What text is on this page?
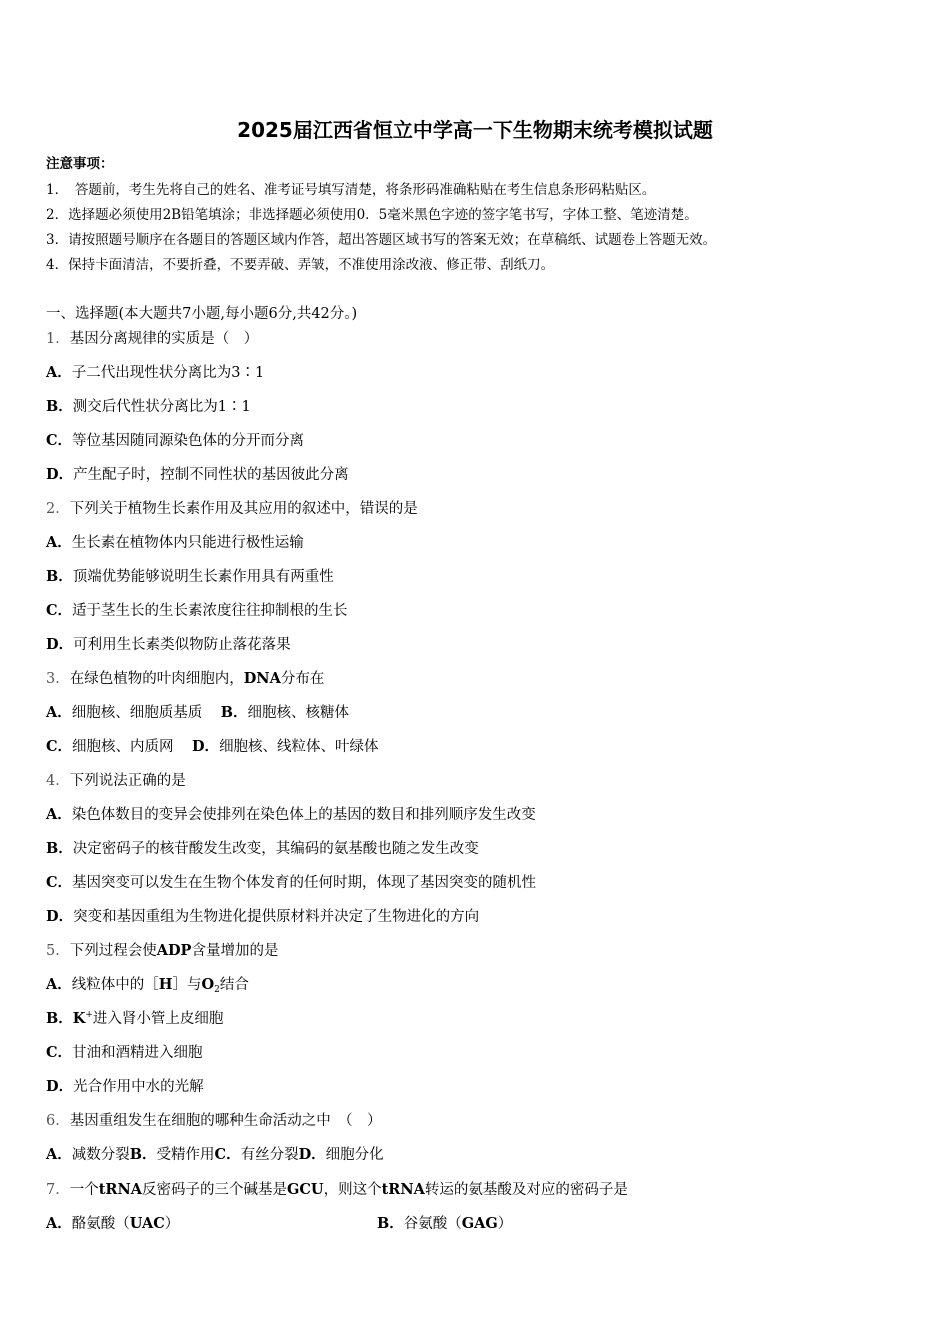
2025届江西省恒立中学高一下生物期末统考模拟试题
注意事项：
1．　答题前，考生先将自己的姓名、准考证号填写清楚，将条形码准确粘贴在考生信息条形码粘贴区。
2．选择题必须使用2B铅笔填涂；非选择题必须使用0．5毫米黑色字迹的签字笔书写，字体工整、笔迹清楚。
3．请按照题号顺序在各题目的答题区域内作答，超出答题区域书写的答案无效；在草稿纸、试题卷上答题无效。
4．保持卡面清洁，不要折叠，不要弄破、弄皱，不准使用涂改液、修正带、刮纸刀。
一、选择题(本大题共7小题,每小题6分,共42分。)
1．基因分离规律的实质是（　）
A．子二代出现性状分离比为3∶1
B．测交后代性状分离比为1∶1
C．等位基因随同源染色体的分开而分离
D．产生配子时，控制不同性状的基因彼此分离
2．下列关于植物生长素作用及其应用的叙述中，错误的是
A．生长素在植物体内只能进行极性运输
B．顶端优势能够说明生长素作用具有两重性
C．适于茎生长的生长素浓度往往抑制根的生长
D．可利用生长素类似物防止落花落果
3．在绿色植物的叶肉细胞内，DNA分布在
A．细胞核、细胞质基质 B．细胞核、核糖体
C．细胞核、内质网 D．细胞核、线粒体、叶绿体
4．下列说法正确的是
A．染色体数目的变异会使排列在染色体上的基因的数目和排列顺序发生改变
B．决定密码子的核苷酸发生改变，其编码的氨基酸也随之发生改变
C．基因突变可以发生在生物个体发育的任何时期，体现了基因突变的随机性
D．突变和基因重组为生物进化提供原材料并决定了生物进化的方向
5．下列过程会使ADP含量增加的是
A．线粒体中的［H］与$O_2$结合
B．K+进入肾小管上皮细胞
C．甘油和酒精进入细胞
D．光合作用中水的光解
6．基因重组发生在细胞的哪种生命活动之中　（　）
A．减数分裂B．受精作用C．有丝分裂D．细胞分化
7．一个tRNA反密码子的三个碱基是GCU，则这个tRNA转运的氨基酸及对应的密码子是
A．酪氨酸（UAC）	B．谷氨酸（GAG）
